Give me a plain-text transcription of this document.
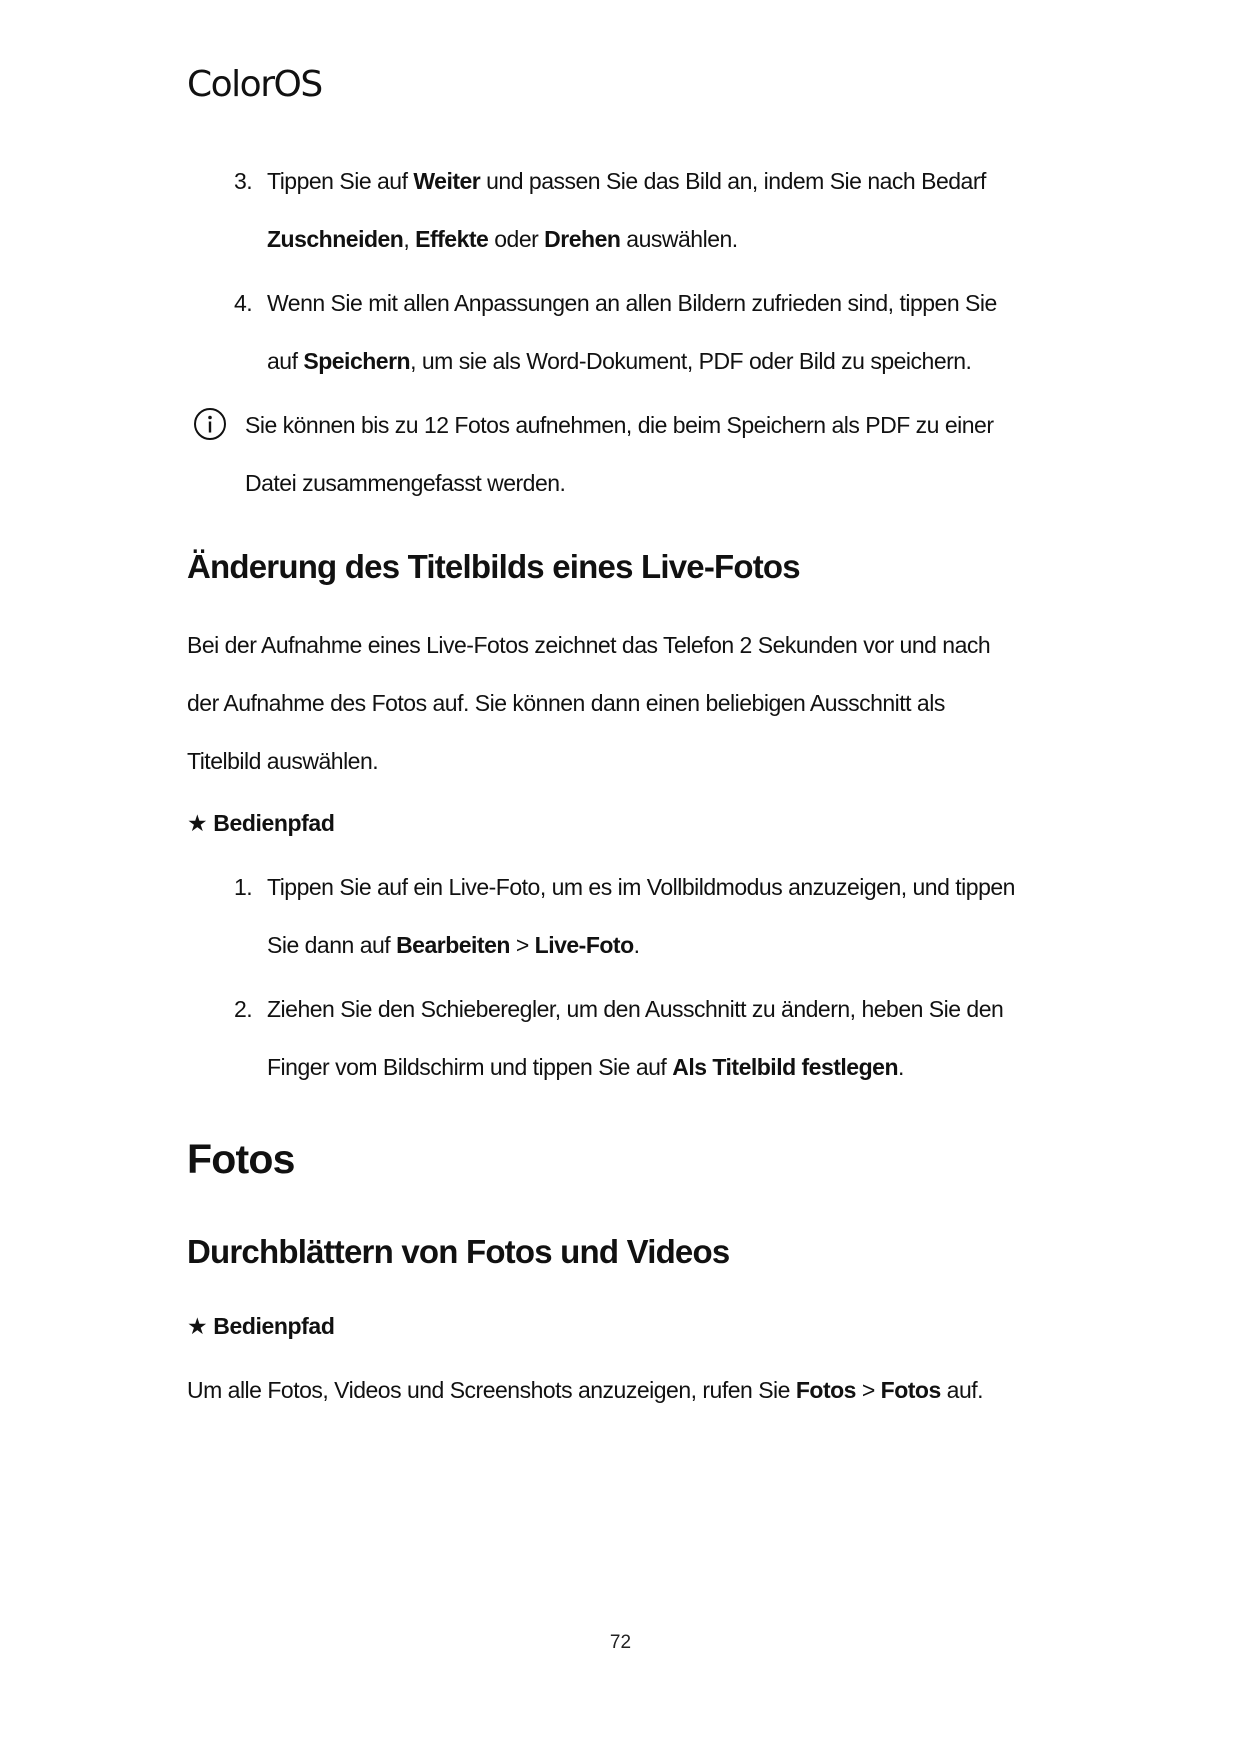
ColorOS
3. Tippen Sie auf Weiter und passen Sie das Bild an, indem Sie nach Bedarf
Zuschneiden, Effekte oder Drehen auswählen.
4. Wenn Sie mit allen Anpassungen an allen Bildern zufrieden sind, tippen Sie
auf Speichern, um sie als Word-Dokument, PDF oder Bild zu speichern.
Sie können bis zu 12 Fotos aufnehmen, die beim Speichern als PDF zu einer
Datei zusammengefasst werden.
Änderung des Titelbilds eines Live-Fotos
Bei der Aufnahme eines Live-Fotos zeichnet das Telefon 2 Sekunden vor und nach
der Aufnahme des Fotos auf. Sie können dann einen beliebigen Ausschnitt als
Titelbild auswählen.
★ Bedienpfad
1. Tippen Sie auf ein Live-Foto, um es im Vollbildmodus anzuzeigen, und tippen
Sie dann auf Bearbeiten > Live-Foto.
2. Ziehen Sie den Schieberegler, um den Ausschnitt zu ändern, heben Sie den
Finger vom Bildschirm und tippen Sie auf Als Titelbild festlegen.
Fotos
Durchblättern von Fotos und Videos
★ Bedienpfad
Um alle Fotos, Videos und Screenshots anzuzeigen, rufen Sie Fotos > Fotos auf.
72
